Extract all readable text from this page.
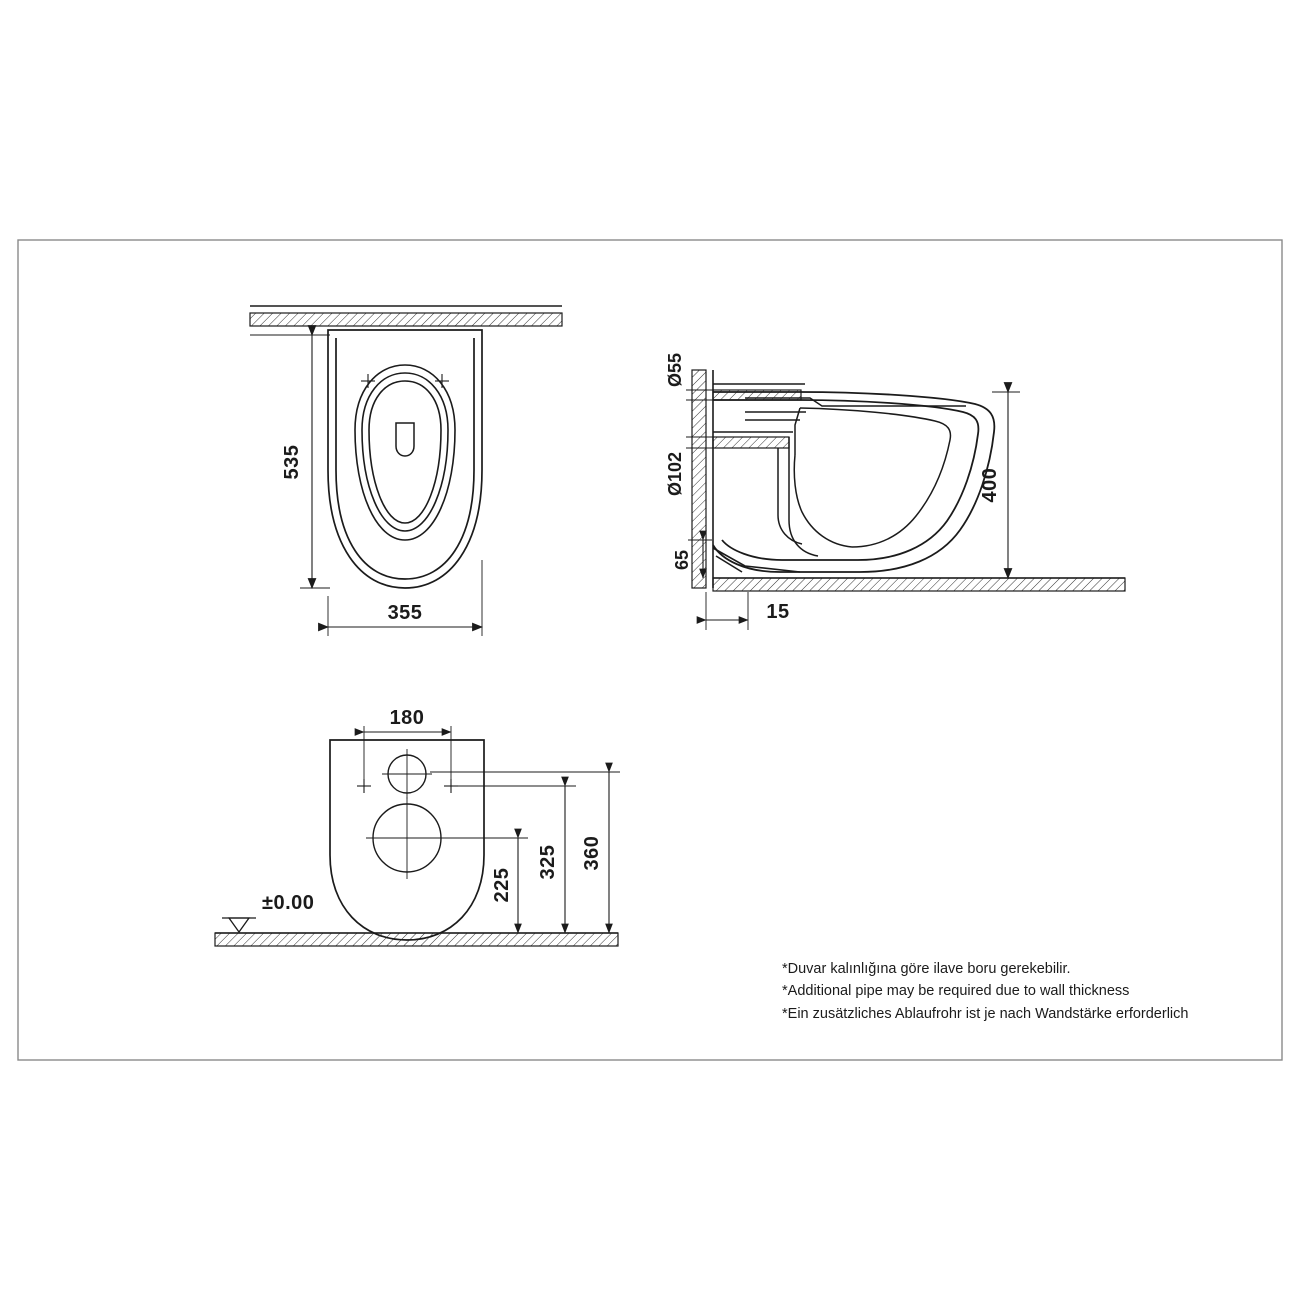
535
355
Ø55
Ø102	400
65
15
±0.00
180
225
325 360
*Duvar kalınlığına göre ilave boru gerekebilir.
*Additional pipe may be required due to wall thickness
*Ein zusätzliches Ablaufrohr ist je nach Wandstärke erforderlich
